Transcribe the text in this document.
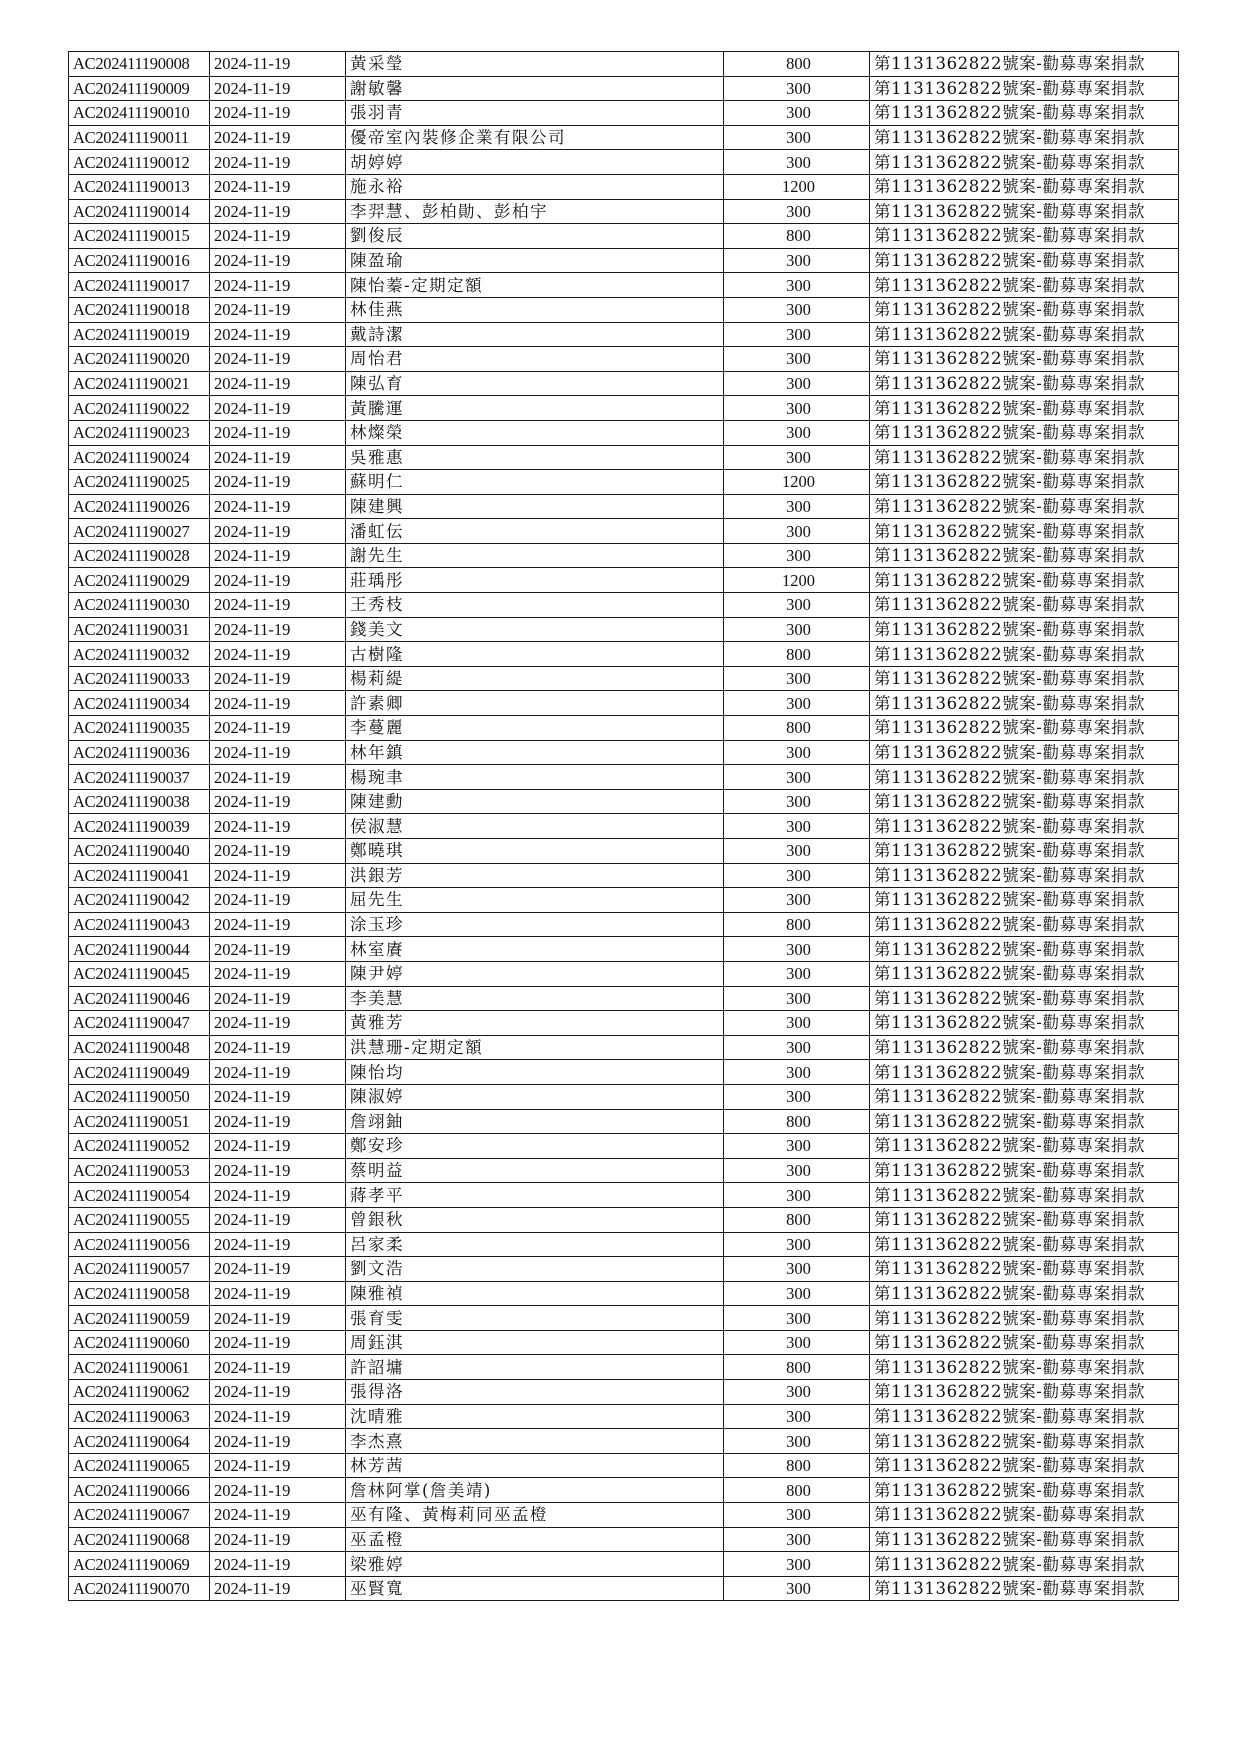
AC202411190008	2024-11-19	黃采瑩	800	第1131362822號案-勸募專案捐款
AC202411190009	2024-11-19	謝敏馨	300	第1131362822號案-勸募專案捐款
AC202411190010	2024-11-19	張羽青	300	第1131362822號案-勸募專案捐款
AC202411190011	2024-11-19	優帝室內裝修企業有限公司	300	第1131362822號案-勸募專案捐款
AC202411190012	2024-11-19	胡婷婷	300	第1131362822號案-勸募專案捐款
AC202411190013	2024-11-19	施永裕	1200	第1131362822號案-勸募專案捐款
AC202411190014	2024-11-19	李羿慧、彭柏勛、彭柏宇	300	第1131362822號案-勸募專案捐款
AC202411190015	2024-11-19	劉俊辰	800	第1131362822號案-勸募專案捐款
AC202411190016	2024-11-19	陳盈瑜	300	第1131362822號案-勸募專案捐款
AC202411190017	2024-11-19	陳怡蓁-定期定額	300	第1131362822號案-勸募專案捐款
AC202411190018	2024-11-19	林佳燕	300	第1131362822號案-勸募專案捐款
AC202411190019	2024-11-19	戴詩潔	300	第1131362822號案-勸募專案捐款
AC202411190020	2024-11-19	周怡君	300	第1131362822號案-勸募專案捐款
AC202411190021	2024-11-19	陳弘育	300	第1131362822號案-勸募專案捐款
AC202411190022	2024-11-19	黃騰運	300	第1131362822號案-勸募專案捐款
AC202411190023	2024-11-19	林燦榮	300	第1131362822號案-勸募專案捐款
AC202411190024	2024-11-19	吳雅惠	300	第1131362822號案-勸募專案捐款
AC202411190025	2024-11-19	蘇明仁	1200	第1131362822號案-勸募專案捐款
AC202411190026	2024-11-19	陳建興	300	第1131362822號案-勸募專案捐款
AC202411190027	2024-11-19	潘虹伝	300	第1131362822號案-勸募專案捐款
AC202411190028	2024-11-19	謝先生	300	第1131362822號案-勸募專案捐款
AC202411190029	2024-11-19	莊瑀彤	1200	第1131362822號案-勸募專案捐款
AC202411190030	2024-11-19	王秀枝	300	第1131362822號案-勸募專案捐款
AC202411190031	2024-11-19	錢美文	300	第1131362822號案-勸募專案捐款
AC202411190032	2024-11-19	古樹隆	800	第1131362822號案-勸募專案捐款
AC202411190033	2024-11-19	楊莉緹	300	第1131362822號案-勸募專案捐款
AC202411190034	2024-11-19	許素卿	300	第1131362822號案-勸募專案捐款
AC202411190035	2024-11-19	李蔓麗	800	第1131362822號案-勸募專案捐款
AC202411190036	2024-11-19	林年鎮	300	第1131362822號案-勸募專案捐款
AC202411190037	2024-11-19	楊琬聿	300	第1131362822號案-勸募專案捐款
AC202411190038	2024-11-19	陳建勳	300	第1131362822號案-勸募專案捐款
AC202411190039	2024-11-19	侯淑慧	300	第1131362822號案-勸募專案捐款
AC202411190040	2024-11-19	鄭曉琪	300	第1131362822號案-勸募專案捐款
AC202411190041	2024-11-19	洪銀芳	300	第1131362822號案-勸募專案捐款
AC202411190042	2024-11-19	屈先生	300	第1131362822號案-勸募專案捐款
AC202411190043	2024-11-19	涂玉珍	800	第1131362822號案-勸募專案捐款
AC202411190044	2024-11-19	林室賡	300	第1131362822號案-勸募專案捐款
AC202411190045	2024-11-19	陳尹婷	300	第1131362822號案-勸募專案捐款
AC202411190046	2024-11-19	李美慧	300	第1131362822號案-勸募專案捐款
AC202411190047	2024-11-19	黃雅芳	300	第1131362822號案-勸募專案捐款
AC202411190048	2024-11-19	洪慧珊-定期定額	300	第1131362822號案-勸募專案捐款
AC202411190049	2024-11-19	陳怡均	300	第1131362822號案-勸募專案捐款
AC202411190050	2024-11-19	陳淑婷	300	第1131362822號案-勸募專案捐款
AC202411190051	2024-11-19	詹翊鈾	800	第1131362822號案-勸募專案捐款
AC202411190052	2024-11-19	鄭安珍	300	第1131362822號案-勸募專案捐款
AC202411190053	2024-11-19	蔡明益	300	第1131362822號案-勸募專案捐款
AC202411190054	2024-11-19	蔣孝平	300	第1131362822號案-勸募專案捐款
AC202411190055	2024-11-19	曾銀秋	800	第1131362822號案-勸募專案捐款
AC202411190056	2024-11-19	呂家柔	300	第1131362822號案-勸募專案捐款
AC202411190057	2024-11-19	劉文浩	300	第1131362822號案-勸募專案捐款
AC202411190058	2024-11-19	陳雅禎	300	第1131362822號案-勸募專案捐款
AC202411190059	2024-11-19	張育雯	300	第1131362822號案-勸募專案捐款
AC202411190060	2024-11-19	周鈺淇	300	第1131362822號案-勸募專案捐款
AC202411190061	2024-11-19	許詔墉	800	第1131362822號案-勸募專案捐款
AC202411190062	2024-11-19	張得洛	300	第1131362822號案-勸募專案捐款
AC202411190063	2024-11-19	沈晴雅	300	第1131362822號案-勸募專案捐款
AC202411190064	2024-11-19	李杰熹	300	第1131362822號案-勸募專案捐款
AC202411190065	2024-11-19	林芳茜	800	第1131362822號案-勸募專案捐款
AC202411190066	2024-11-19	詹林阿掌(詹美靖)	800	第1131362822號案-勸募專案捐款
AC202411190067	2024-11-19	巫有隆、黃梅莉同巫孟橙	300	第1131362822號案-勸募專案捐款
AC202411190068	2024-11-19	巫孟橙	300	第1131362822號案-勸募專案捐款
AC202411190069	2024-11-19	梁雅婷	300	第1131362822號案-勸募專案捐款
AC202411190070	2024-11-19	巫賢寬	300	第1131362822號案-勸募專案捐款
